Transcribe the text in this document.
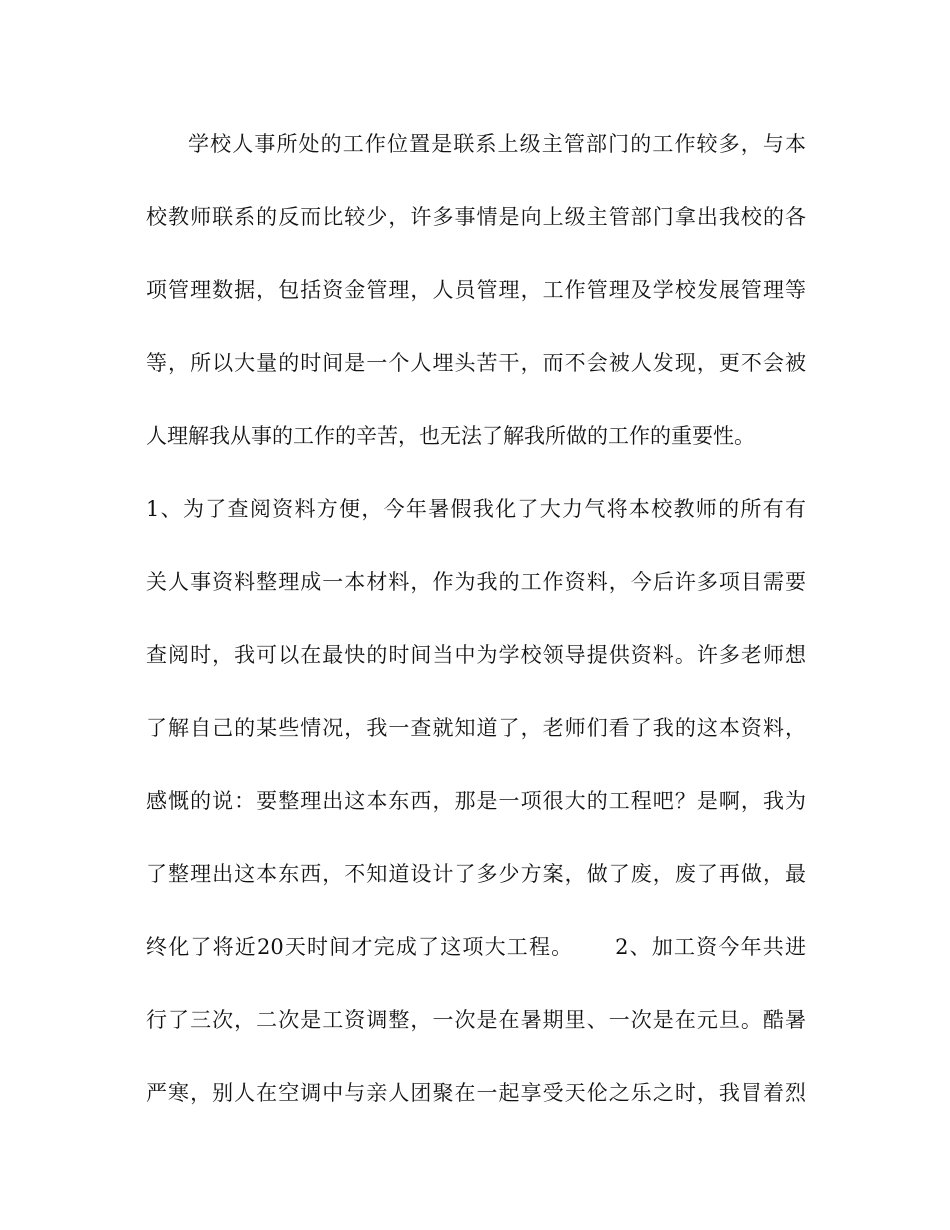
学校人事所处的工作位置是联系上级主管部门的工作较多，与本
校教师联系的反而比较少，许多事情是向上级主管部门拿出我校的各
项管理数据，包括资金管理，人员管理，工作管理及学校发展管理等
等，所以大量的时间是一个人埋头苦干，而不会被人发现，更不会被
人理解我从事的工作的辛苦，也无法了解我所做的工作的重要性。
1、为了查阅资料方便，今年暑假我化了大力气将本校教师的所有有
关人事资料整理成一本材料，作为我的工作资料，今后许多项目需要
查阅时，我可以在最快的时间当中为学校领导提供资料。许多老师想
了解自己的某些情况，我一查就知道了，老师们看了我的这本资料，
感慨的说：要整理出这本东西，那是一项很大的工程吧？是啊，我为
了整理出这本东西，不知道设计了多少方案，做了废，废了再做，最
终化了将近20天时间才完成了这项大工程。　　 2、加工资今年共进
行了三次，二次是工资调整，一次是在暑期里、一次是在元旦。酷暑
严寒，别人在空调中与亲人团聚在一起享受天伦之乐之时，我冒着烈
